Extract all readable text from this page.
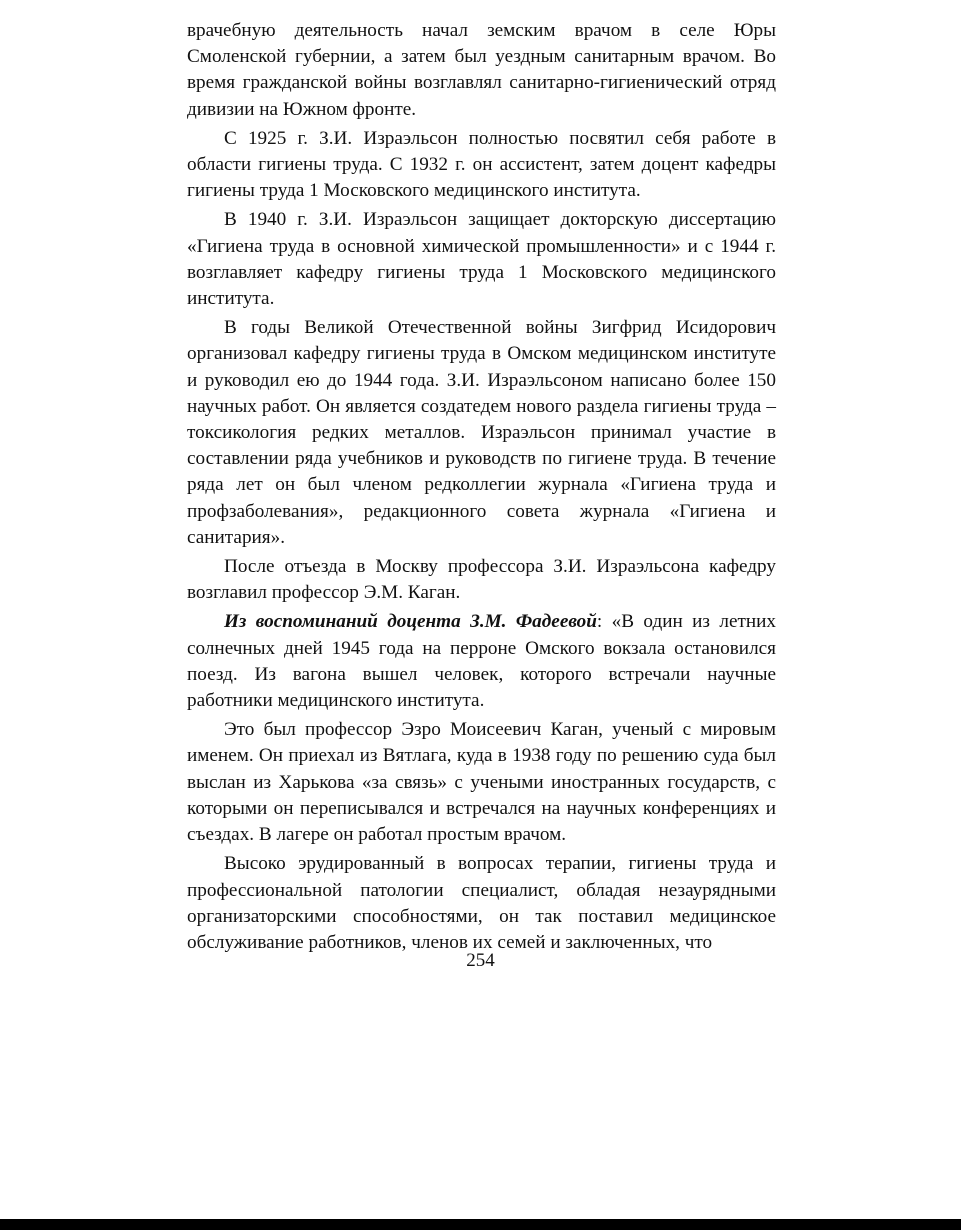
врачебную деятельность начал земским врачом в селе Юры Смоленской губернии, а затем был уездным санитарным врачом. Во время гражданской войны возглавлял санитарно-гигиенический отряд дивизии на Южном фронте.

С 1925 г. З.И. Израэльсон полностью посвятил себя работе в области гигиены труда. С 1932 г. он ассистент, затем доцент кафедры гигиены труда 1 Московского медицинского института.

В 1940 г. З.И. Израэльсон защищает докторскую диссертацию «Гигиена труда в основной химической промышленности» и с 1944 г. возглавляет кафедру гигиены труда 1 Московского медицинского института.

В годы Великой Отечественной войны Зигфрид Исидорович организовал кафедру гигиены труда в Омском медицинском институте и руководил ею до 1944 года. З.И. Израэльсоном написано более 150 научных работ. Он является создатедем нового раздела гигиены труда – токсикология редких металлов. Израэльсон принимал участие в составлении ряда учебников и руководств по гигиене труда. В течение ряда лет он был членом редколлегии журнала «Гигиена труда и профзаболевания», редакционного совета журнала «Гигиена и санитария».

После отъезда в Москву профессора З.И. Израэльсона кафедру возглавил профессор Э.М. Каган.

Из воспоминаний доцента З.М. Фадеевой: «В один из летних солнечных дней 1945 года на перроне Омского вокзала остановился поезд. Из вагона вышел человек, которого встречали научные работники медицинского института.

Это был профессор Эзро Моисеевич Каган, ученый с мировым именем. Он приехал из Вятлага, куда в 1938 году по решению суда был выслан из Харькова «за связь» с учеными иностранных государств, с которыми он переписывался и встречался на научных конференциях и съездах. В лагере он работал простым врачом.

Высоко эрудированный в вопросах терапии, гигиены труда и профессиональной патологии специалист, обладая незаурядными организаторскими способностями, он так поставил медицинское обслуживание работников, членов их семей и заключенных, что

254
